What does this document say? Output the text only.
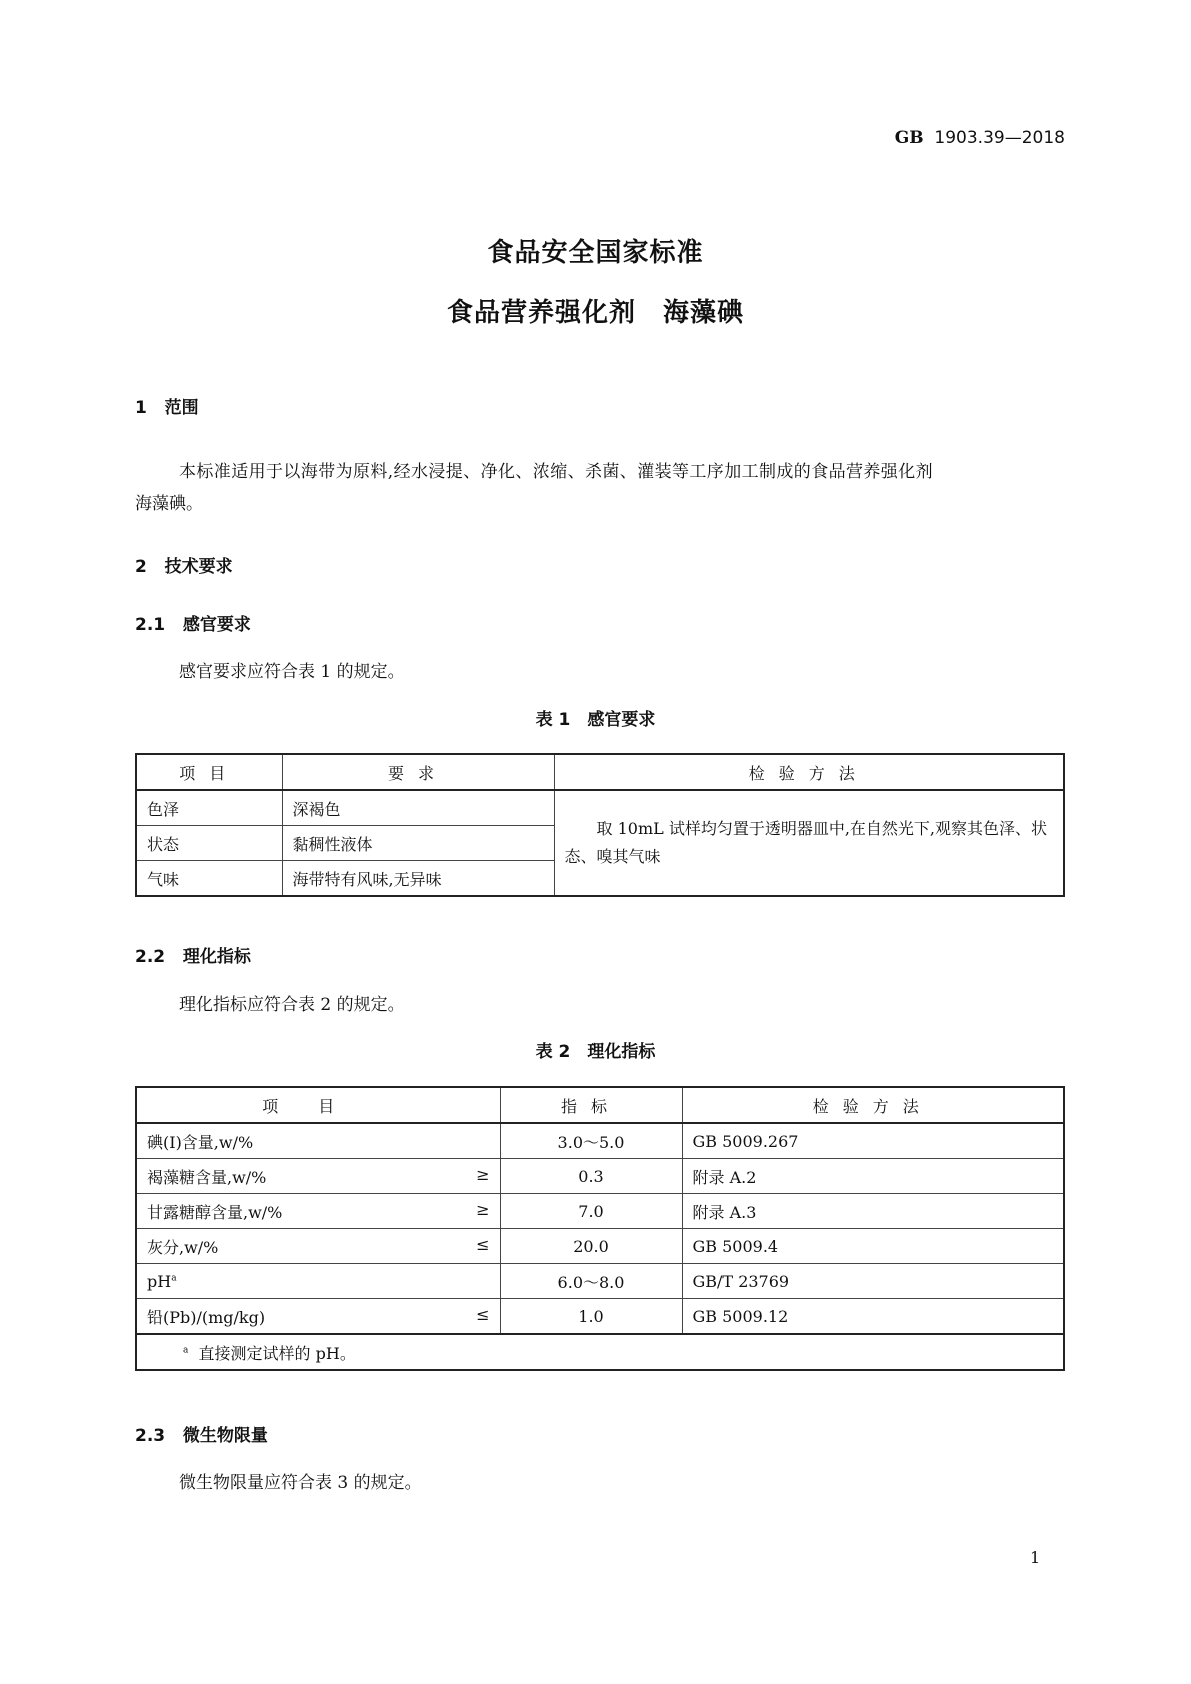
GB 1903.39—2018
食品安全国家标准
食品营养强化剂　海藻碘
1 范围
本标准适用于以海带为原料,经水浸提、净化、浓缩、杀菌、灌装等工序加工制成的食品营养强化剂
海藻碘。
2 技术要求
2.1 感官要求
感官要求应符合表 1 的规定。
表 1　感官要求
项目	要求	检验方法
色泽	深褐色	取 10mL 试样均匀置于透明器皿中,在自然光下,观察其色泽、状态、嗅其气味
状态	黏稠性液体	
气味	海带特有风味,无异味	
2.2 理化指标
理化指标应符合表 2 的规定。
表 2　理化指标
项目	指标	检验方法
碘(I)含量,w/%	3.0～5.0	GB 5009.267
褐藻糖含量,w/% ≥	0.3	附录 A.2
甘露糖醇含量,w/% ≥	7.0	附录 A.3
灰分,w/% ≤	20.0	GB 5009.4
$pH^a$	6.0～8.0	GB/T 23769
铅(Pb)/(mg/kg) ≤	1.0	GB 5009.12
$^a$ 直接测定试样的 pH。		
2.3 微生物限量
微生物限量应符合表 3 的规定。
1
